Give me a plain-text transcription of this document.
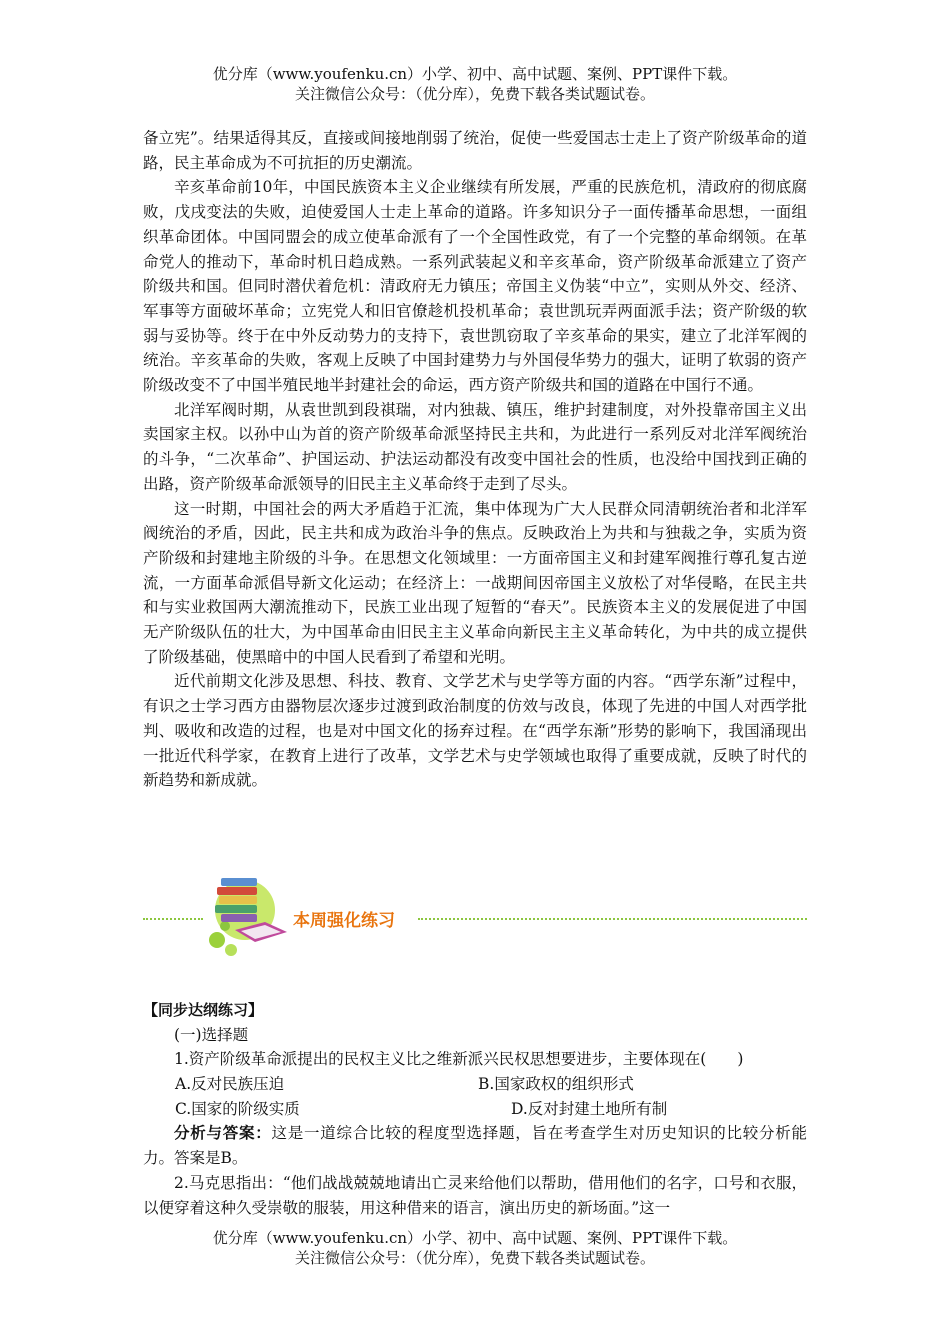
优分库（www.youfenku.cn）小学、初中、高中试题、案例、PPT课件下载。
关注微信公众号：（优分库），免费下载各类试题试卷。

备立宪”。结果适得其反，直接或间接地削弱了统治，促使一些爱国志士走上了资产阶级革命的道路，民主革命成为不可抗拒的历史潮流。

辛亥革命前10年，中国民族资本主义企业继续有所发展，严重的民族危机，清政府的彻底腐败，戊戌变法的失败，迫使爱国人士走上革命的道路。许多知识分子一面传播革命思想，一面组织革命团体。中国同盟会的成立使革命派有了一个全国性政党，有了一个完整的革命纲领。在革命党人的推动下，革命时机日趋成熟。一系列武装起义和辛亥革命，资产阶级革命派建立了资产阶级共和国。但同时潜伏着危机：清政府无力镇压；帝国主义伪装“中立”，实则从外交、经济、军事等方面破坏革命；立宪党人和旧官僚趁机投机革命；袁世凯玩弄两面派手法；资产阶级的软弱与妥协等。终于在中外反动势力的支持下，袁世凯窃取了辛亥革命的果实，建立了北洋军阀的统治。辛亥革命的失败，客观上反映了中国封建势力与外国侵华势力的强大，证明了软弱的资产阶级改变不了中国半殖民地半封建社会的命运，西方资产阶级共和国的道路在中国行不通。

北洋军阀时期，从袁世凯到段祺瑞，对内独裁、镇压，维护封建制度，对外投靠帝国主义出卖国家主权。以孙中山为首的资产阶级革命派坚持民主共和，为此进行一系列反对北洋军阀统治的斗争，“二次革命”、护国运动、护法运动都没有改变中国社会的性质，也没给中国找到正确的出路，资产阶级革命派领导的旧民主主义革命终于走到了尽头。

这一时期，中国社会的两大矛盾趋于汇流，集中体现为广大人民群众同清朝统治者和北洋军阀统治的矛盾，因此，民主共和成为政治斗争的焦点。反映政治上为共和与独裁之争，实质为资产阶级和封建地主阶级的斗争。在思想文化领域里：一方面帝国主义和封建军阀推行尊孔复古逆流，一方面革命派倡导新文化运动；在经济上：一战期间因帝国主义放松了对华侵略，在民主共和与实业救国两大潮流推动下，民族工业出现了短暂的“春天”。民族资本主义的发展促进了中国无产阶级队伍的壮大，为中国革命由旧民主主义革命向新民主主义革命转化，为中共的成立提供了阶级基础，使黑暗中的中国人民看到了希望和光明。

近代前期文化涉及思想、科技、教育、文学艺术与史学等方面的内容。“西学东渐”过程中，有识之士学习西方由器物层次逐步过渡到政治制度的仿效与改良，体现了先进的中国人对西学批判、吸收和改造的过程，也是对中国文化的扬弃过程。在“西学东渐”形势的影响下，我国涌现出一批近代科学家，在教育上进行了改革，文学艺术与史学领域也取得了重要成就，反映了时代的新趋势和新成就。

本周强化练习
【同步达纲练习】
(一)选择题
1.资产阶级革命派提出的民权主义比之维新派兴民权思想要进步，主要体现在(　　)
A.反对民族压迫	B.国家政权的组织形式
C.国家的阶级实质	D.反对封建土地所有制

分析与答案：这是一道综合比较的程度型选择题，旨在考查学生对历史知识的比较分析能力。答案是B。

2.马克思指出：“他们战战兢兢地请出亡灵来给他们以帮助，借用他们的名字，口号和衣服，以便穿着这种久受崇敬的服装，用这种借来的语言，演出历史的新场面。”这一

优分库（www.youfenku.cn）小学、初中、高中试题、案例、PPT课件下载。
关注微信公众号：（优分库），免费下载各类试题试卷。
